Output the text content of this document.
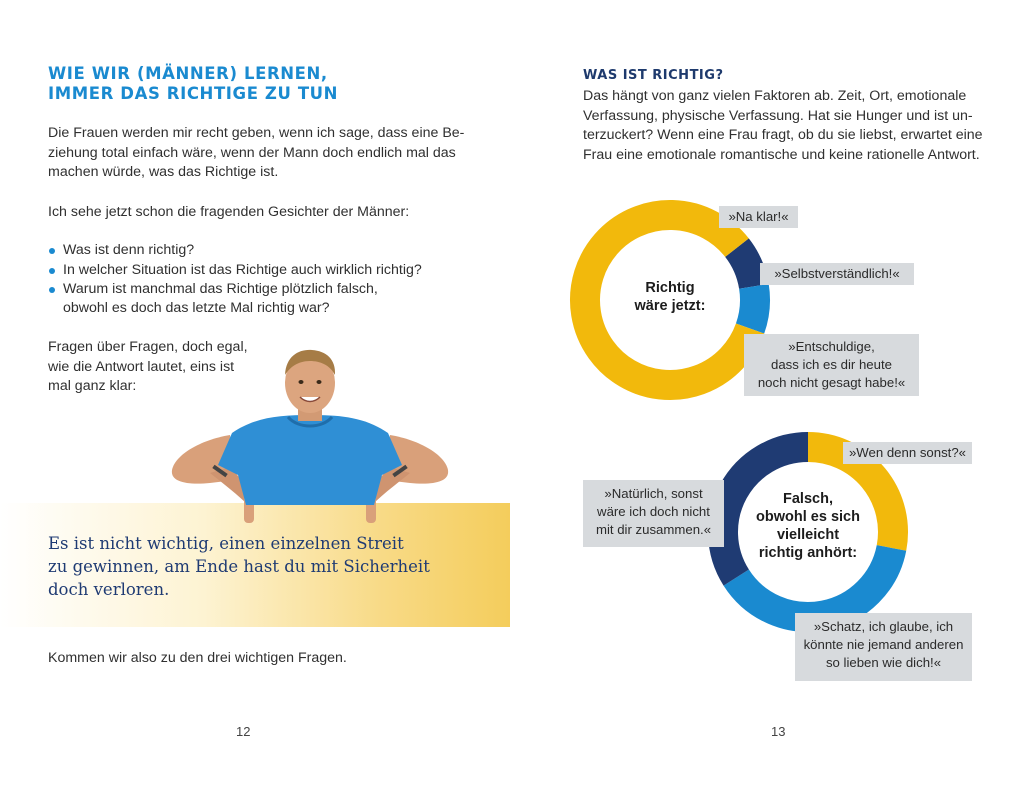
WIE WIR (MÄNNER) LERNEN,
IMMER DAS RICHTIGE ZU TUN
Die Frauen werden mir recht geben, wenn ich sage, dass eine Be-
ziehung total einfach wäre, wenn der Mann doch endlich mal das
machen würde, was das Richtige ist.
Ich sehe jetzt schon die fragenden Gesichter der Männer:
Was ist denn richtig?
In welcher Situation ist das Richtige auch wirklich richtig?
Warum ist manchmal das Richtige plötzlich falsch,
obwohl es doch das letzte Mal richtig war?
Fragen über Fragen, doch egal,
wie die Antwort lautet, eins ist
mal ganz klar:
Es ist nicht wichtig, einen einzelnen Streit
zu gewinnen, am Ende hast du mit Sicherheit
doch verloren.
Kommen wir also zu den drei wichtigen Fragen.
12
WAS IST RICHTIG?
Das hängt von ganz vielen Faktoren ab. Zeit, Ort, emotionale
Verfassung, physische Verfassung. Hat sie Hunger und ist un-
terzuckert? Wenn eine Frau fragt, ob du sie liebst, erwartet eine
Frau eine emotionale romantische und keine rationelle Antwort.
Richtig
wäre jetzt:
»Na klar!«
»Selbstverständlich!«
»Entschuldige,
dass ich es dir heute
noch nicht gesagt habe!«
Falsch,
obwohl es sich
vielleicht
richtig anhört:
»Wen denn sonst?«
»Schatz, ich glaube, ich
könnte nie jemand anderen
so lieben wie dich!«
»Natürlich, sonst
wäre ich doch nicht
mit dir zusammen.«
13
